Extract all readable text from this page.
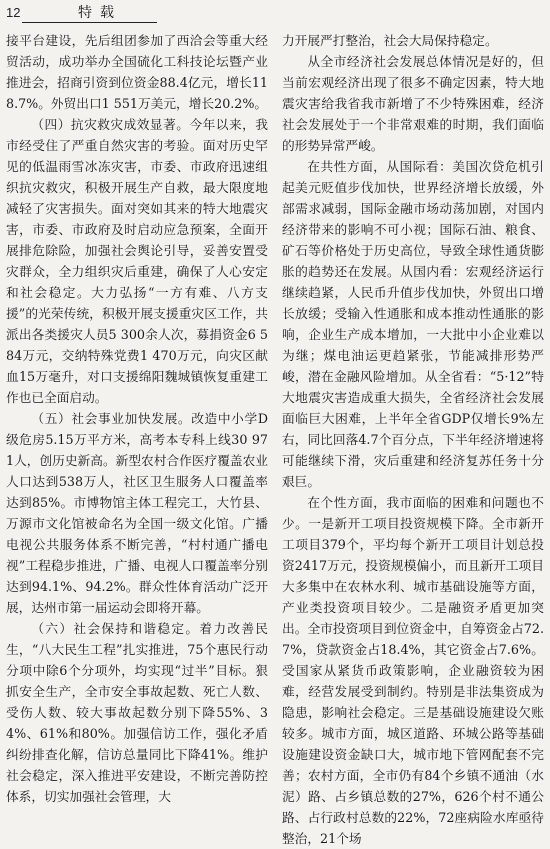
12	特载

接平台建设，先后组团参加了西洽会等重大经贸活动，成功举办全国硫化工科技论坛暨产业推进会，招商引资到位资金88.4亿元，增长118.7%。外贸出口1 551万美元，增长20.2%。

（四）抗灾救灾成效显著。今年以来，我市经受住了严重自然灾害的考验。面对历史罕见的低温雨雪冰冻灾害，市委、市政府迅速组织抗灾救灾，积极开展生产自救，最大限度地减轻了灾害损失。面对突如其来的特大地震灾害，市委、市政府及时启动应急预案，全面开展排危除险，加强社会舆论引导，妥善安置受灾群众，全力组织灾后重建，确保了人心安定和社会稳定。大力弘扬“一方有难、八方支援”的光荣传统，积极开展支援重灾区工作，共派出各类援灾人员5 300余人次，募捐资金6 584万元，交纳特殊党费1 470万元，向灾区献血15万毫升，对口支援绵阳魏城镇恢复重建工作也已全面启动。

（五）社会事业加快发展。改造中小学D级危房5.15万平方米，高考本专科上线30 971人，创历史新高。新型农村合作医疗覆盖农业人口达到538万人，社区卫生服务人口覆盖率达到85%。市博物馆主体工程完工，大竹县、万源市文化馆被命名为全国一级文化馆。广播电视公共服务体系不断完善，“村村通广播电视”工程稳步推进，广播、电视人口覆盖率分别达到94.1%、94.2%。群众性体育活动广泛开展，达州市第一届运动会即将开幕。

（六）社会保持和谐稳定。着力改善民生，“八大民生工程”扎实推进，75个惠民行动分项中除6个分项外，均实现“过半”目标。狠抓安全生产，全市安全事故起数、死亡人数、受伤人数、较大事故起数分别下降55%、34%、61%和80%。加强信访工作，强化矛盾纠纷排查化解，信访总量同比下降41%。维护社会稳定，深入推进平安建设，不断完善防控体系，切实加强社会管理，大

力开展严打整治，社会大局保持稳定。

从全市经济社会发展总体情况是好的，但当前宏观经济出现了很多不确定因素，特大地震灾害给我省我市新增了不少特殊困难，经济社会发展处于一个非常艰难的时期，我们面临的形势异常严峻。

在共性方面，从国际看：美国次贷危机引起美元贬值步伐加快，世界经济增长放缓，外部需求减弱，国际金融市场动荡加剧，对国内经济带来的影响不可小视；国际石油、粮食、矿石等价格处于历史高位，导致全球性通货膨胀的趋势还在发展。从国内看：宏观经济运行继续趋紧，人民币升值步伐加快，外贸出口增长放缓；受输入性通胀和成本推动性通胀的影响，企业生产成本增加，一大批中小企业难以为继；煤电油运更趋紧张，节能减排形势严峻，潜在金融风险增加。从全省看：“5·12”特大地震灾害造成重大损失，全省经济社会发展面临巨大困难，上半年全省GDP仅增长9%左右，同比回落4.7个百分点，下半年经济增速将可能继续下滑，灾后重建和经济复苏任务十分艰巨。

在个性方面，我市面临的困难和问题也不少。一是新开工项目投资规模下降。全市新开工项目379个，平均每个新开工项目计划总投资2417万元，投资规模偏小，而且新开工项目大多集中在农林水利、城市基础设施等方面，产业类投资项目较少。二是融资矛盾更加突出。全市投资项目到位资金中，自筹资金占72.7%，贷款资金占18.4%，其它资金占7.6%。受国家从紧货币政策影响，企业融资较为困难，经营发展受到制约。特别是非法集资成为隐患，影响社会稳定。三是基础设施建设欠账较多。城市方面，城区道路、环城公路等基础设施建设资金缺口大，城市地下管网配套不完善；农村方面，全市仍有84个乡镇不通油（水泥）路、占乡镇总数的27%，626个村不通公路、占行政村总数的22%，72座病险水库亟待整治，21个场
